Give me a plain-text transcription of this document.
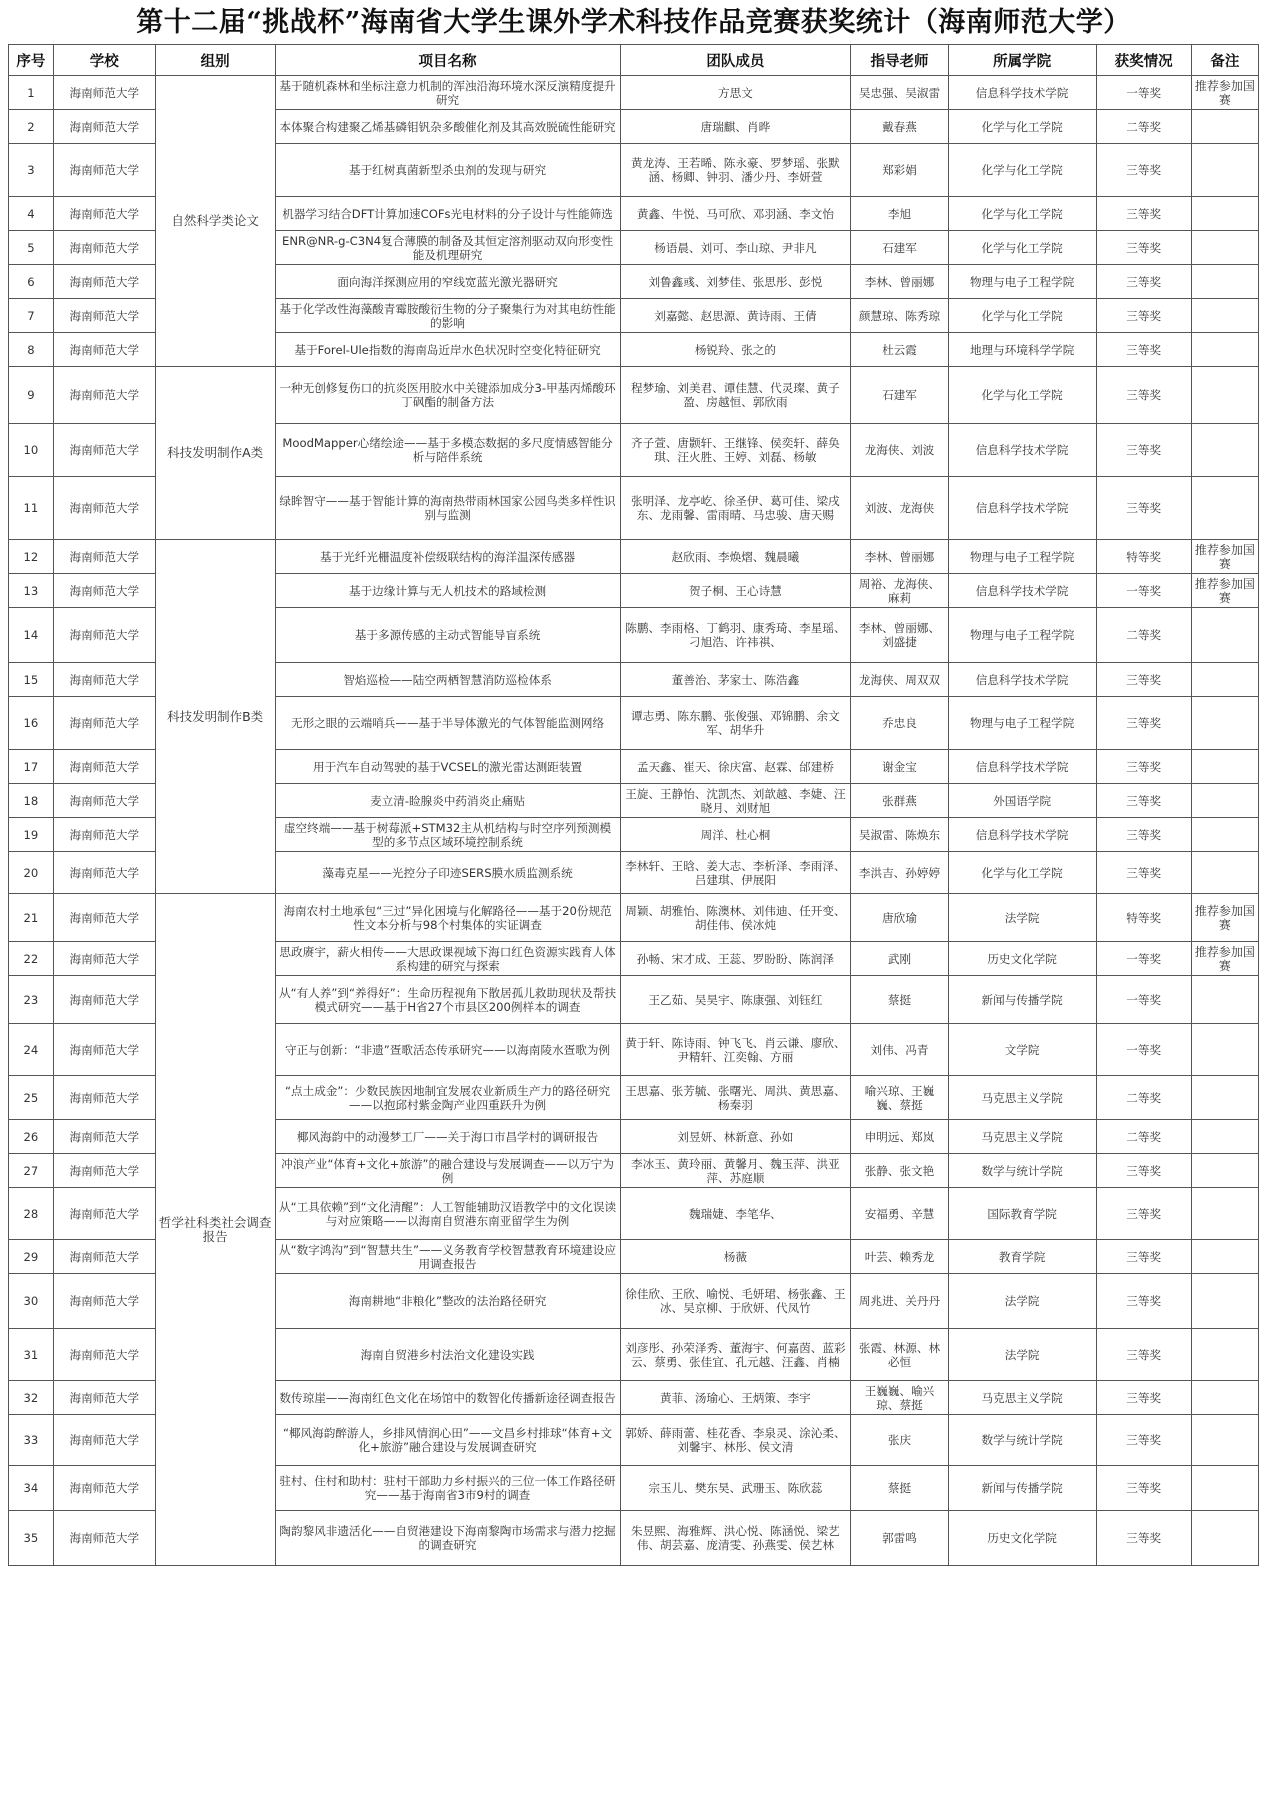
第十二届“挑战杯”海南省大学生课外学术科技作品竞赛获奖统计（海南师范大学）
序号	学校	组别	项目名称	团队成员	指导老师	所属学院	获奖情况	备注
1	海南师范大学	自然科学类论文	基于随机森林和坐标注意力机制的浑浊沿海环境水深反演精度提升研究	方思文	吴忠强、吴淑雷	信息科学技术学院	一等奖	推荐参加国赛
2	海南师范大学		本体聚合构建聚乙烯基磷钼钒杂多酸催化剂及其高效脱硫性能研究	唐瑞麒、肖晔	戴春燕	化学与化工学院	二等奖	
3	海南师范大学		基于红树真菌新型杀虫剂的发现与研究	黄龙涛、王若晞、陈永豪、罗梦瑶、张默涵、杨卿、钟羽、潘少丹、李妍萱	郑彩娟	化学与化工学院	三等奖	
4	海南师范大学		机器学习结合DFT计算加速COFs光电材料的分子设计与性能筛选	黄鑫、牛悦、马可欣、邓羽涵、李文怡	李旭	化学与化工学院	三等奖	
5	海南师范大学		ENR@NR-g-C3N4复合薄膜的制备及其恒定溶剂驱动双向形变性能及机理研究	杨语晨、刘可、李山琼、尹非凡	石建军	化学与化工学院	三等奖	
6	海南师范大学		面向海洋探测应用的窄线宽蓝光激光器研究	刘鲁鑫彧、刘梦佳、张思彤、彭悦	李林、曾丽娜	物理与电子工程学院	三等奖	
7	海南师范大学		基于化学改性海藻酸青霉胺酸衍生物的分子聚集行为对其电纺性能的影响	刘嘉懿、赵思源、黄诗雨、王倩	颜慧琼、陈秀琼	化学与化工学院	三等奖	
8	海南师范大学		基于Forel-Ule指数的海南岛近岸水色状况时空变化特征研究	杨锐羚、张之的	杜云霞	地理与环境科学学院	三等奖	
9	海南师范大学	科技发明制作A类	一种无创修复伤口的抗炎医用胶水中关键添加成分3-甲基丙烯酸环丁砜酯的制备方法	程梦瑜、刘美君、谭佳慧、代灵璨、黄子盈、房越恒、郭欣雨	石建军	化学与化工学院	三等奖	
10	海南师范大学		MoodMapper心绪绘途——基于多模态数据的多尺度情感智能分析与陪伴系统	齐子萱、唐颢轩、王继锋、侯奕轩、薛奂琪、汪火胜、王婷、刘磊、杨敏	龙海侠、刘波	信息科学技术学院	三等奖	
11	海南师范大学		绿眸智守——基于智能计算的海南热带雨林国家公园鸟类多样性识别与监测	张明泽、龙亭屹、徐圣伊、葛可佳、梁戌东、龙雨馨、雷雨晴、马忠骏、唐天赐	刘波、龙海侠	信息科学技术学院	三等奖	
12	海南师范大学	科技发明制作B类	基于光纤光栅温度补偿级联结构的海洋温深传感器	赵欣雨、李焕熠、魏晨曦	李林、曾丽娜	物理与电子工程学院	特等奖	推荐参加国赛
13	海南师范大学		基于边缘计算与无人机技术的路域检测	贺子桐、王心诗慧	周裕、龙海侠、麻莉	信息科学技术学院	一等奖	推荐参加国赛
14	海南师范大学		基于多源传感的主动式智能导盲系统	陈鹏、李雨格、丁鹤羽、康秀琦、李星瑶、刁旭浩、许祎祺、	李林、曾丽娜、刘盛捷	物理与电子工程学院	二等奖	
15	海南师范大学		智焰巡检——陆空两栖智慧消防巡检体系	董善治、茅家士、陈浩鑫	龙海侠、周双双	信息科学技术学院	三等奖	
16	海南师范大学		无形之眼的云端哨兵——基于半导体激光的气体智能监测网络	谭志勇、陈东鹏、张俊强、邓锦鹏、余文军、胡华升	乔忠良	物理与电子工程学院	三等奖	
17	海南师范大学		用于汽车自动驾驶的基于VCSEL的激光雷达测距装置	孟天鑫、崔天、徐庆富、赵霖、邰建桥	谢金宝	信息科学技术学院	三等奖	
18	海南师范大学		麦立清-睑腺炎中药消炎止痛贴	王旋、王静怡、沈凯杰、刘歆越、李婕、汪晓月、刘财旭	张群燕	外国语学院	三等奖	
19	海南师范大学		虚空终端——基于树莓派+STM32主从机结构与时空序列预测模型的多节点区域环境控制系统	周洋、杜心桐	吴淑雷、陈焕东	信息科学技术学院	三等奖	
20	海南师范大学		藻毒克星——光控分子印迹SERS膜水质监测系统	李林轩、王晗、姜大志、李析泽、李雨泽、吕建琪、伊展阳	李洪吉、孙婷婷	化学与化工学院	三等奖	
21	海南师范大学	哲学社科类社会调查报告	海南农村土地承包“三过”异化困境与化解路径——基于20份规范性文本分析与98个村集体的实证调查	周颖、胡雅怡、陈澳林、刘伟迪、任开变、胡佳伟、侯冰炖	唐欣瑜	法学院	特等奖	推荐参加国赛
22	海南师范大学		思政赓宇，薪火相传——大思政课视域下海口红色资源实践育人体系构建的研究与探索	孙畅、宋才成、王蕊、罗盼盼、陈润泽	武刚	历史文化学院	一等奖	推荐参加国赛
23	海南师范大学		从“有人养”到“养得好”：生命历程视角下散居孤儿救助现状及帮扶模式研究——基于H省27个市县区200例样本的调查	王乙茹、吴昊宇、陈康强、刘钰红	蔡挺	新闻与传播学院	一等奖	
24	海南师范大学		守正与创新：“非遗”疍歌活态传承研究——以海南陵水疍歌为例	黄于轩、陈诗雨、钟飞飞、肖云谦、廖欣、尹精轩、江奕翰、方丽	刘伟、冯青	文学院	一等奖	
25	海南师范大学		“点土成金”：少数民族因地制宜发展农业新质生产力的路径研究——以抱邱村紫金陶产业四重跃升为例	王思嘉、张芳毓、张曙光、周洪、黄思嘉、杨秦羽	喻兴琼、王巍巍、蔡挺	马克思主义学院	二等奖	
26	海南师范大学		椰风海韵中的动漫梦工厂——关于海口市昌学村的调研报告	刘昱妍、林新意、孙如	申明远、郑岚	马克思主义学院	二等奖	
27	海南师范大学		冲浪产业“体育+文化+旅游”的融合建设与发展调查——以万宁为例	李冰玉、黄玲丽、黄馨月、魏玉萍、洪亚萍、苏庭顺	张静、张文艳	数学与统计学院	三等奖	
28	海南师范大学		从“工具依赖”到“文化清醒”：人工智能辅助汉语教学中的文化误读与对应策略——以海南自贸港东南亚留学生为例	魏瑞婕、李笔华、	安福勇、辛慧	国际教育学院	三等奖	
29	海南师范大学		从“数字鸿沟”到“智慧共生”——义务教育学校智慧教育环境建设应用调查报告	杨薇	叶芸、赖秀龙	教育学院	三等奖	
30	海南师范大学		海南耕地“非粮化”整改的法治路径研究	徐佳欣、王欣、喻悦、毛妍珺、杨张鑫、王冰、吴京柳、于欣妍、代凤竹	周兆进、关丹丹	法学院	三等奖	
31	海南师范大学		海南自贸港乡村法治文化建设实践	刘彦彤、孙荣泽秀、董海宇、何嘉茵、蓝彩云、蔡勇、张佳宜、孔元越、汪鑫、肖楠	张霞、林源、林必恒	法学院	三等奖	
32	海南师范大学		数传琼崖——海南红色文化在场馆中的数智化传播新途径调查报告	黄菲、汤瑜心、王炳策、李宇	王巍巍、喻兴琼、蔡挺	马克思主义学院	三等奖	
33	海南师范大学		“椰风海韵醉游人，乡排风情润心田”——文昌乡村排球“体育+文化+旅游”融合建设与发展调查研究	郭娇、薛雨蕾、桂花香、李泉灵、涂沁柔、刘馨宇、林彤、侯文清	张庆	数学与统计学院	三等奖	
34	海南师范大学		驻村、住村和助村：驻村干部助力乡村振兴的三位一体工作路径研究——基于海南省3市9村的调查	宗玉儿、樊东昊、武珊玉、陈欣蕊	蔡挺	新闻与传播学院	三等奖	
35	海南师范大学		陶韵黎风非遗活化——自贸港建设下海南黎陶市场需求与潜力挖掘的调查研究	朱昱熙、海雅辉、洪心悦、陈涵悦、梁艺伟、胡芸嘉、庞清雯、孙燕雯、侯艺林	郭雷鸣	历史文化学院	三等奖	
